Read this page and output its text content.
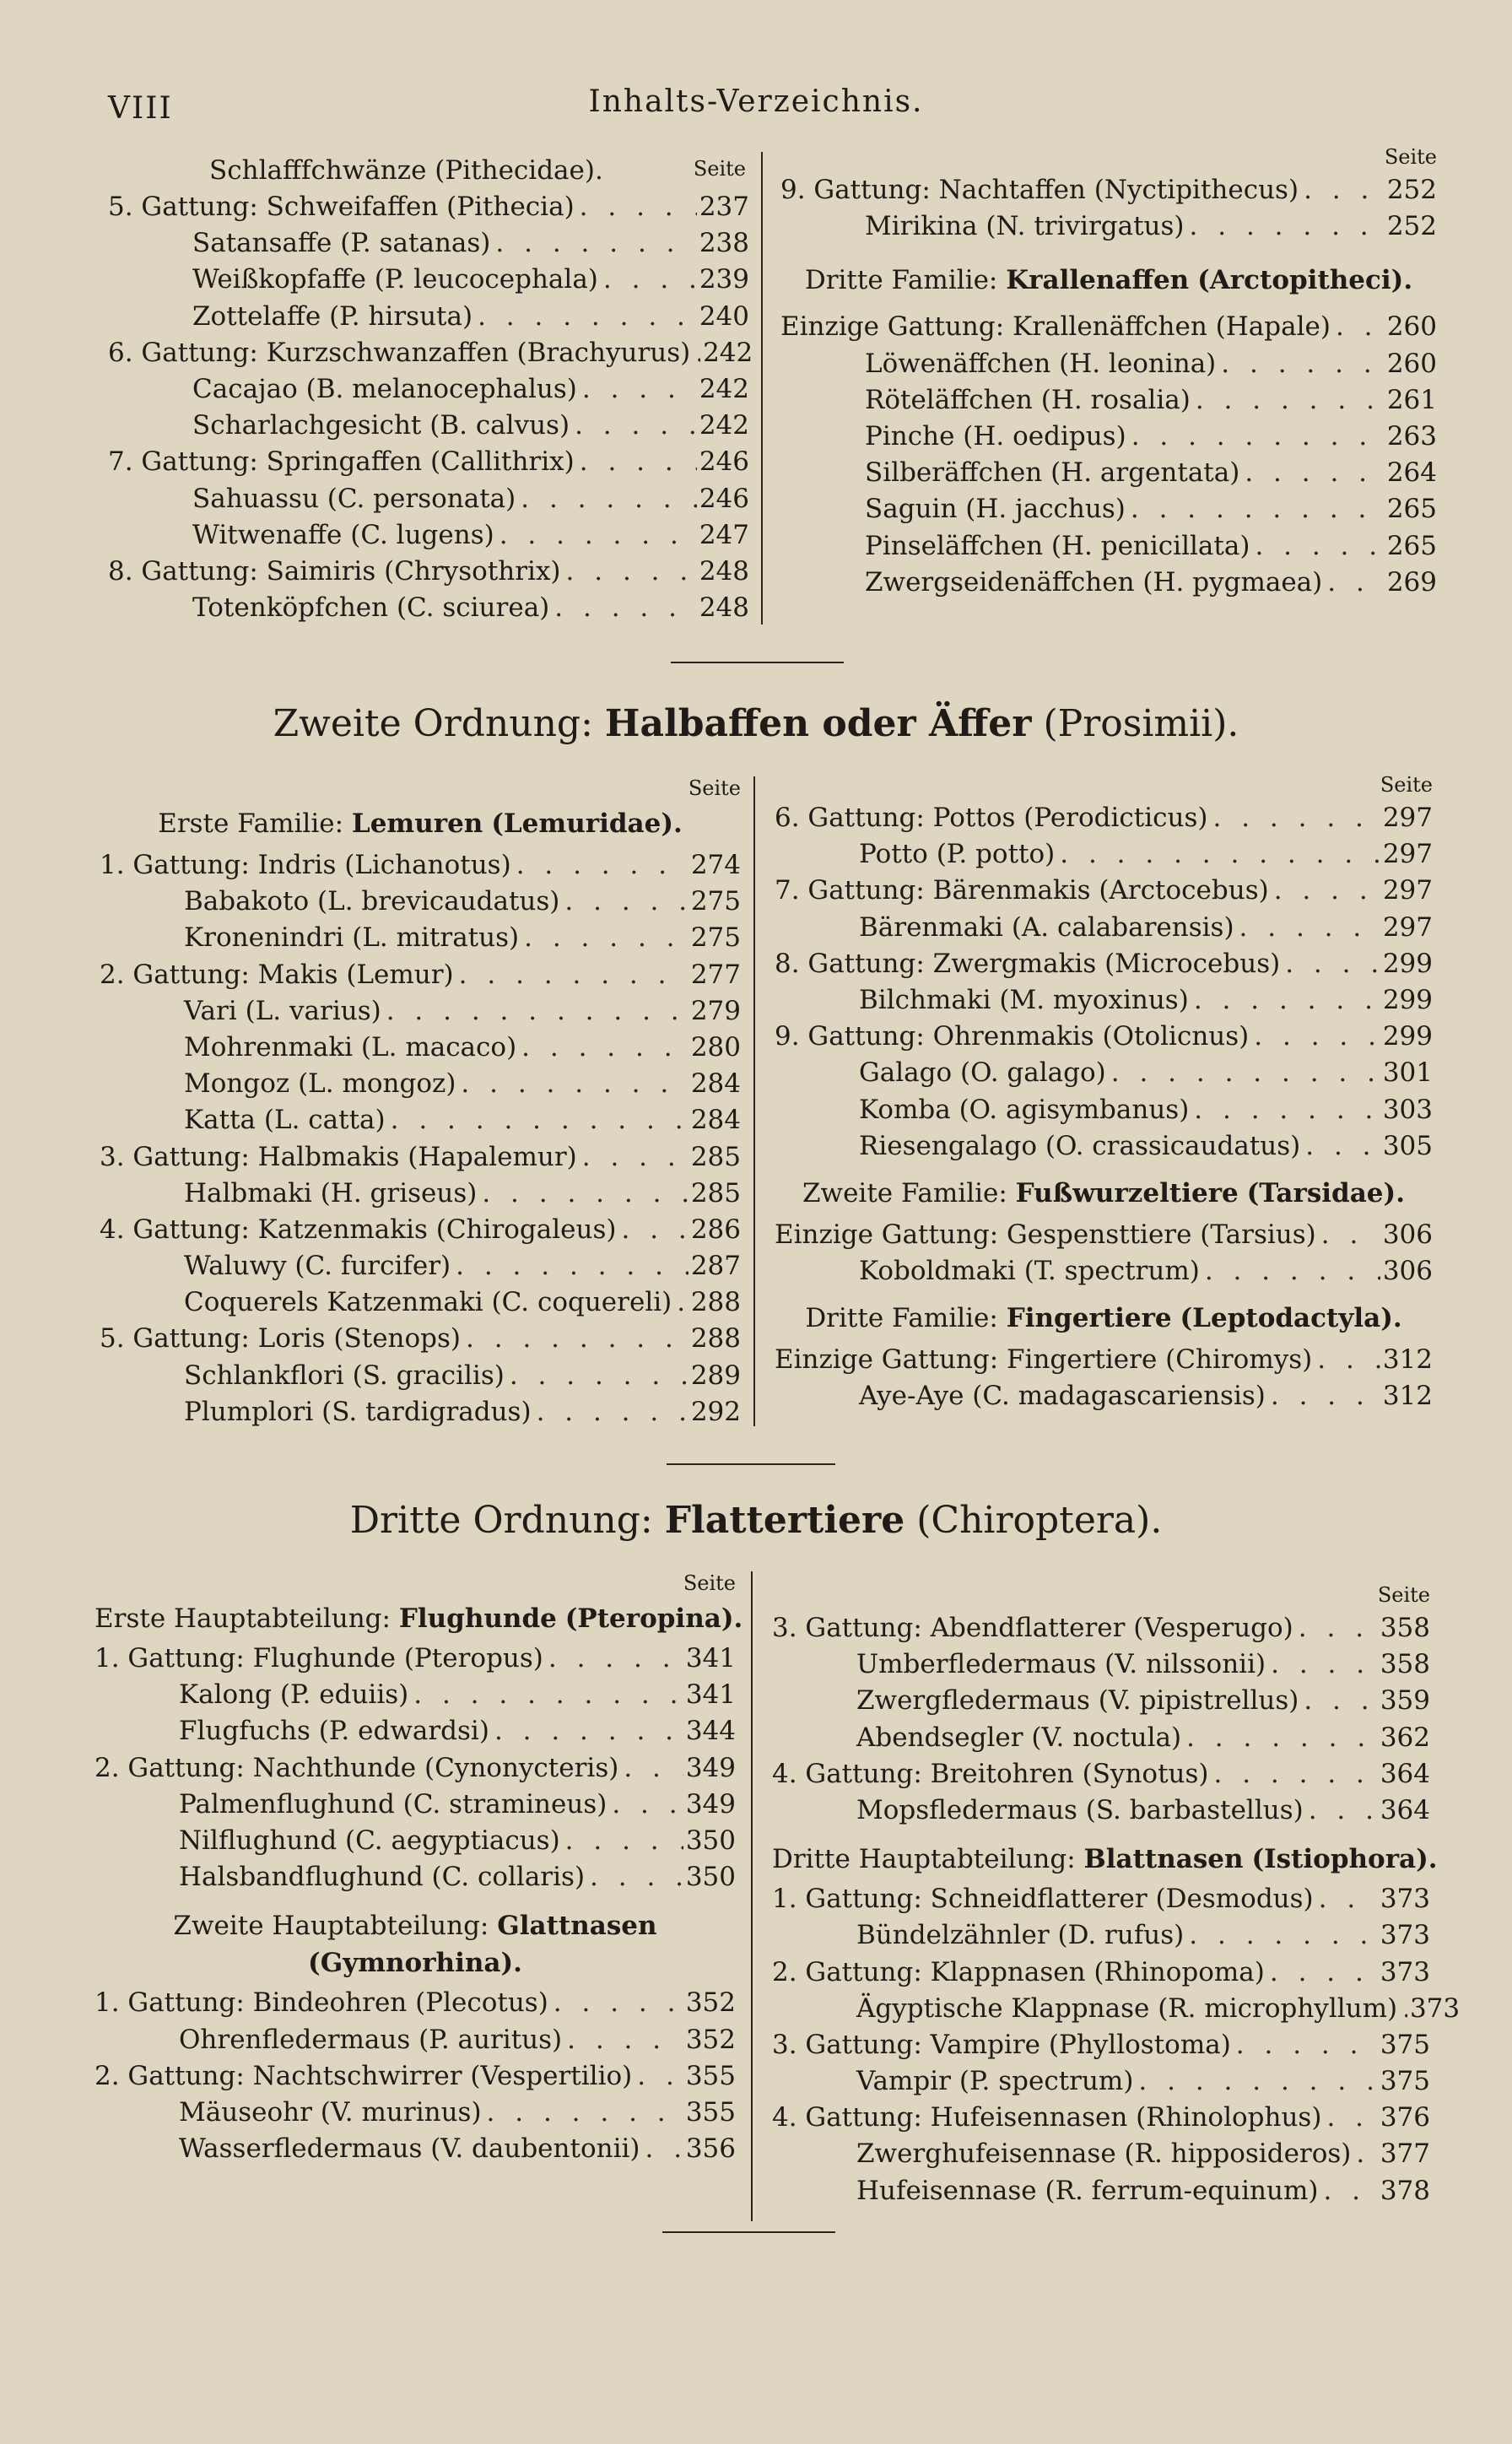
VIII	Inhalts-Verzeichnis.
Schlafffchwänze (Pithecidae).
5. Gattung: Schweifaffen (Pithecia) . . .	237
Satansaffe (P. satanas) . . .	238
Weißkopfaffe (P. leucocephala) . . .	239
Zottelaffe (P. hirsuta) . . .	240
6. Gattung: Kurzschwanzaffen (Brachyurus) . . . 242
Cacajao (B. melanocephalus) . . .	242
Scharlachgesicht (B. calvus) . . .	242
7. Gattung: Springaffen (Callithrix) . . .	246
Sahuassu (C. personata) . . .	246
Witwenaffe (C. lugens) . . .	247
8. Gattung: Saimiris (Chrysothrix) . . .	248
Totenköpfchen (C. sciurea) . . .	248
Seite	Seite
9. Gattung: Nachtaffen (Nyctipithecus) . . .	252
Mirikina (N. trivirgatus) . . .	252
Dritte Familie: Krallenaffen (Arctopitheci).
Einzige Gattung: Krallenäffchen (Hapale) . . . 260
Löwenäffchen (H. leonina) . . .	260
Röteläffchen (H. rosalia) . . .	261
Pinche (H. oedipus) . . .	263
Silberäffchen (H. argentata) . . .	264
Saguin (H. jacchus) . . .	265
Pinseläffchen (H. penicillata) . . .	265
Zwergseidenäffchen (H. pygmaea) . . . 269
Zweite Ordnung: Halbaffen oder Äffer (Prosimii).
Seite
Erste Familie: Lemuren (Lemuridae).
1. Gattung: Indris (Lichanotus) . . .	274
Babakoto (L. brevicaudatus) . . .	275
Kronenindri (L. mitratus) . . .	275
2. Gattung: Makis (Lemur) . . .	277
Vari (L. varius) . . .	279
Mohrenmaki (L. macaco) . . .	280
Mongoz (L. mongoz) . . .	284
Katta (L. catta) . . .	284
3. Gattung: Halbmakis (Hapalemur) . . .	285
Halbmaki (H. griseus) . . .	285
4. Gattung: Katzenmakis (Chirogaleus) . . .	286
Waluwy (C. furcifer) . . .	287
Coquerels Katzenmaki (C. coquereli) . . . 288
5. Gattung: Loris (Stenops) . . .	288
Schlankflori (S. gracilis) . . .	289
Plumplori (S. tardigradus) . . .	292
Seite
6. Gattung: Pottos (Perodicticus) . . .	297
Potto (P. potto) . . .	297
7. Gattung: Bärenmakis (Arctocebus) . . .	297
Bärenmaki (A. calabarensis) . . .	297
8. Gattung: Zwergmakis (Microcebus) . . .	299
Bilchmaki (M. myoxinus) . . .	299
9. Gattung: Ohrenmakis (Otolicnus) . . .	299
Galago (O. galago) . . .	301
Komba (O. agisymbanus) . . .	303
Riesengalago (O. crassicaudatus) . . .	305
Zweite Familie: Fußwurzeltiere (Tarsidae).
Einzige Gattung: Gespensttiere (Tarsius) . . .	306
Koboldmaki (T. spectrum) . . .	306
Dritte Familie: Fingertiere (Leptodactyla).
Einzige Gattung: Fingertiere (Chiromys) . . .	312
Aye-Aye (C. madagascariensis) . . .	312
Dritte Ordnung: Flattertiere (Chiroptera).
Seite
Erste Hauptabteilung: Flughunde (Pteropina).
1. Gattung: Flughunde (Pteropus) . . .	341
Kalong (P. eduiis) . . .	341
Flugfuchs (P. edwardsi) . . .	344
2. Gattung: Nachthunde (Cynonycteris) . . .	349
Palmenflughund (C. stramineus) . . .	349
Nilflughund (C. aegyptiacus) . . .	350
Halsbandflughund (C. collaris) . . .	350
Zweite Hauptabteilung: Glattnasen (Gymnorhina).
1. Gattung: Bindeohren (Plecotus) . . .	352
Ohrenfledermaus (P. auritus) . . .	352
2. Gattung: Nachtschwirrer (Vespertilio) . . . 355
Mäuseohr (V. murinus) . . .	355
Wasserfledermaus (V. daubentonii) . . . 356
Seite
3. Gattung: Abendflatterer (Vesperugo) . . .	358
Umberfledermaus (V. nilssonii) . . .	358
Zwergfledermaus (V. pipistrellus) . . .	359
Abendsegler (V. noctula) . . .	362
4. Gattung: Breitohren (Synotus) . . .	364
Mopsfledermaus (S. barbastellus) . . .	364
Dritte Hauptabteilung: Blattnasen (Istiophora).
1. Gattung: Schneidflatterer (Desmodus) . . .	373
Bündelzähnler (D. rufus) . . .	373
2. Gattung: Klappnasen (Rhinopoma) . . .	373
Ägyptische Klappnase (R. microphyllum) . . . 373
3. Gattung: Vampire (Phyllostoma) . . .	375
Vampir (P. spectrum) . . .	375
4. Gattung: Hufeisennasen (Rhinolophus) . . . 376
Zwerghufeisennase (R. hipposideros) . . . 377
Hufeisennase (R. ferrum-equinum) . . . 378
